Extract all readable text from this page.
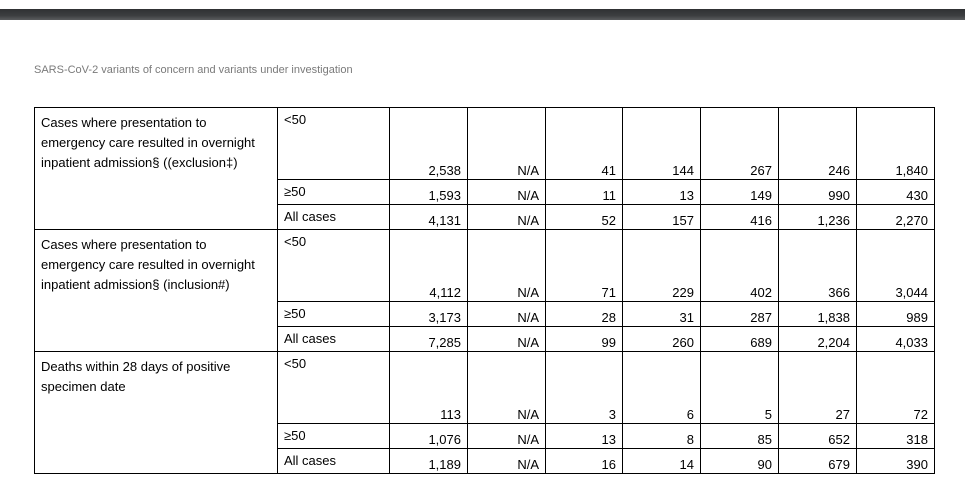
SARS-CoV-2 variants of concern and variants under investigation
Cases where presentation to emergency care resulted in overnight inpatient admission§ ((exclusion‡)	<50	2,538	N/A	41	144	267	246	1,840
	≥50	1,593	N/A	11	13	149	990	430
	All cases	4,131	N/A	52	157	416	1,236	2,270
Cases where presentation to emergency care resulted in overnight inpatient admission§ (inclusion#)	<50	4,112	N/A	71	229	402	366	3,044
	≥50	3,173	N/A	28	31	287	1,838	989
	All cases	7,285	N/A	99	260	689	2,204	4,033
Deaths within 28 days of positive specimen date	<50	113	N/A	3	6	5	27	72
	≥50	1,076	N/A	13	8	85	652	318
	All cases	1,189	N/A	16	14	90	679	390
